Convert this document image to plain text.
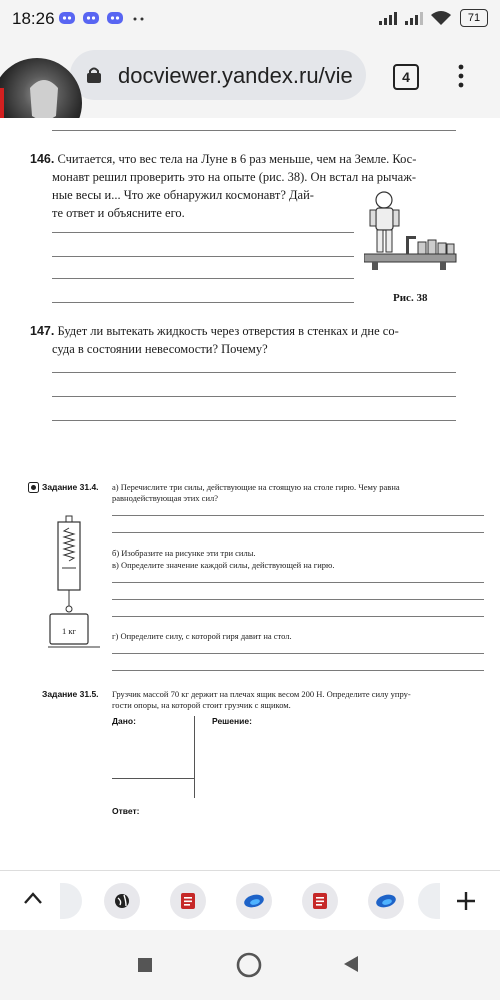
18:26	71
docviewer.yandex.ru/vie	4
146. Считается, что вес тела на Луне в 6 раз меньше, чем на Земле. Кос-
монавт решил проверить это на опыте (рис. 38). Он встал на рычаж-
ные весы и... Что же обнаружил космонавт? Дай-
те ответ и объясните его.
Рис. 38
147. Будет ли вытекать жидкость через отверстия в стенках и дне со-
суда в состоянии невесомости? Почему?
Задание 31.4. а) Перечислите три силы, действующие на стоящую на столе гирю. Чему равна
равнодействующая этих сил?
1 кг
б) Изобразите на рисунке эти три силы.
в) Определите значение каждой силы, действующей на гирю.
г) Определите силу, с которой гиря давит на стол.
Задание 31.5. Грузчик массой 70 кг держит на плечах ящик весом 200 Н. Определите силу упру-
гости опоры, на которой стоит грузчик с ящиком.
Дано:	Решение:
Ответ:
